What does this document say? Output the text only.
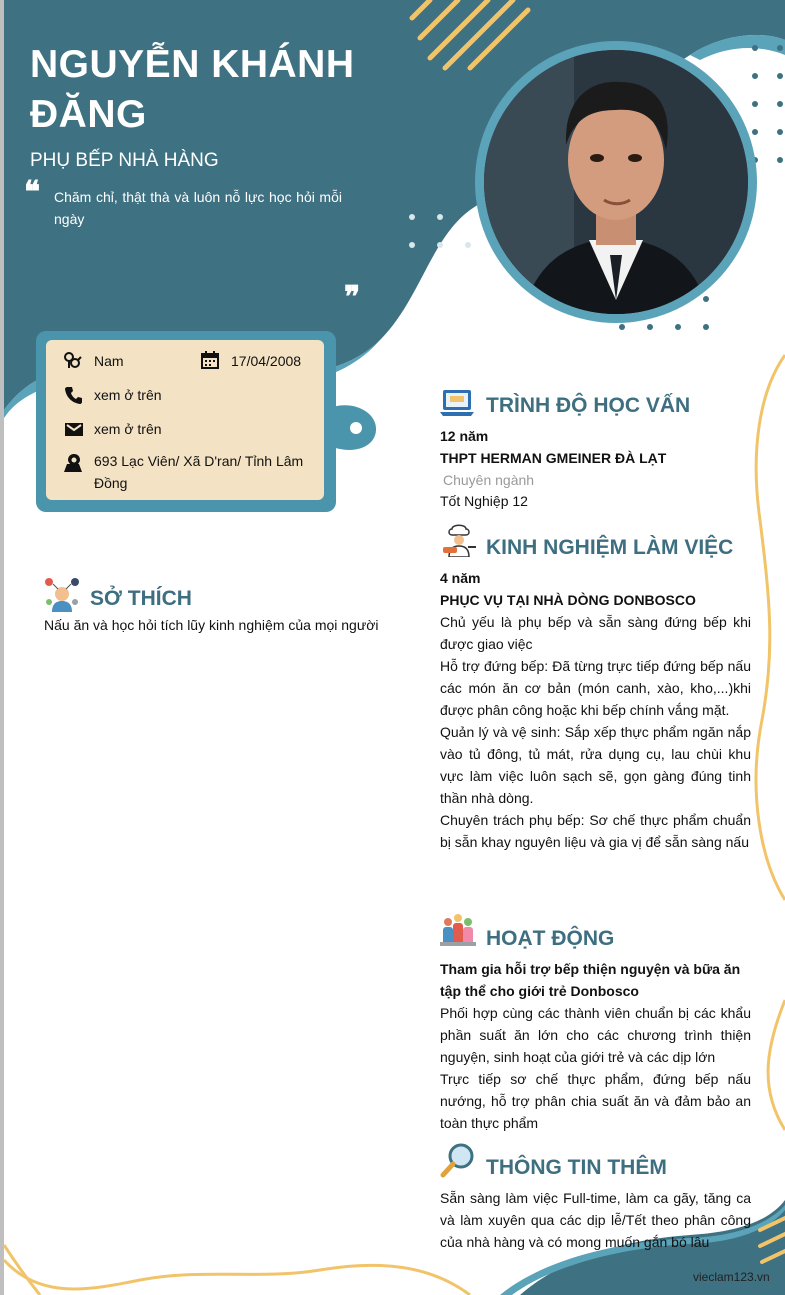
NGUYỄN KHÁNH
ĐĂNG
PHỤ BẾP NHÀ HÀNG
❝ Chăm chỉ, thật thà và luôn nỗ lực học hỏi mỗi ngày
❞
Nam	17/04/2008
xem ở trên
xem ở trên
693 Lạc Viên/ Xã D'ran/ Tỉnh Lâm Đồng
SỞ THÍCH
Nấu ăn và học hỏi tích lũy kinh nghiệm của mọi người
TRÌNH ĐỘ HỌC VẤN
12 năm
THPT HERMAN GMEINER ĐÀ LẠT
Chuyên ngành
Tốt Nghiệp 12
KINH NGHIỆM LÀM VIỆC
4 năm
PHỤC VỤ TẠI NHÀ DÒNG DONBOSCO
Chủ yếu là phụ bếp và sẵn sàng đứng bếp khi được giao việc
Hỗ trợ đứng bếp: Đã từng trực tiếp đứng bếp nấu các món ăn cơ bản (món canh, xào, kho,...)khi được phân công hoặc khi bếp chính vắng mặt.
Quản lý và vệ sinh: Sắp xếp thực phẩm ngăn nắp vào tủ đông, tủ mát, rửa dụng cụ, lau chùi khu vực làm việc luôn sạch sẽ, gọn gàng đúng tinh thần nhà dòng.
Chuyên trách phụ bếp: Sơ chế thực phẩm chuẩn bị sẵn khay nguyên liệu và gia vị để sẵn sàng nấu
HOẠT ĐỘNG
Tham gia hỗi trợ bếp thiện nguyện và bữa ăn tập thể cho giới trẻ Donbosco
Phối hợp cùng các thành viên chuẩn bị các khẩu phần suất ăn lớn cho các chương trình thiện nguyện, sinh hoạt của giới trẻ và các dịp lớn
Trực tiếp sơ chế thực phẩm, đứng bếp nấu nướng, hỗ trợ phân chia suất ăn và đảm bảo an toàn thực phẩm
THÔNG TIN THÊM
Sẵn sàng làm việc Full-time, làm ca gãy, tăng ca và làm xuyên qua các dịp lễ/Tết theo phân công của nhà hàng và có mong muốn gắn bó lâu
vieclam123.vn
